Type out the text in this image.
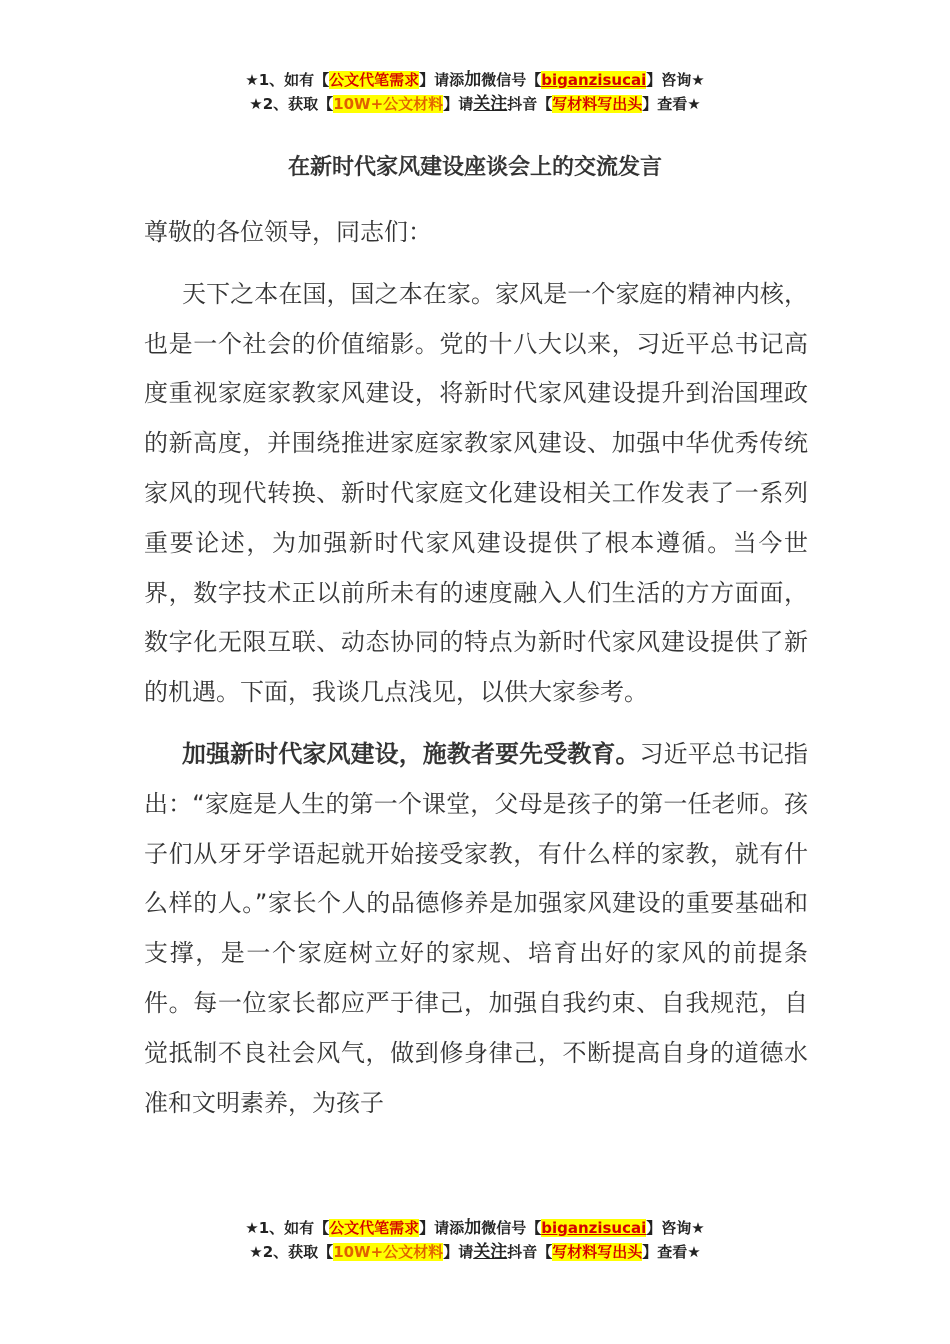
★1、如有【公文代笔需求】请添加微信号【biganzisucai】咨询★
★2、获取【10W+公文材料】请关注抖音【写材料写出头】查看★
在新时代家风建设座谈会上的交流发言

尊敬的各位领导，同志们：

天下之本在国，国之本在家。家风是一个家庭的精神内核，也是一个社会的价值缩影。党的十八大以来，习近平总书记高度重视家庭家教家风建设，将新时代家风建设提升到治国理政的新高度，并围绕推进家庭家教家风建设、加强中华优秀传统家风的现代转换、新时代家庭文化建设相关工作发表了一系列重要论述，为加强新时代家风建设提供了根本遵循。当今世界，数字技术正以前所未有的速度融入人们生活的方方面面，数字化无限互联、动态协同的特点为新时代家风建设提供了新的机遇。下面，我谈几点浅见，以供大家参考。

加强新时代家风建设，施教者要先受教育。习近平总书记指出：“家庭是人生的第一个课堂，父母是孩子的第一任老师。孩子们从牙牙学语起就开始接受家教，有什么样的家教，就有什么样的人。”家长个人的品德修养是加强家风建设的重要基础和支撑，是一个家庭树立好的家规、培育出好的家风的前提条件。每一位家长都应严于律己，加强自我约束、自我规范，自觉抵制不良社会风气，做到修身律己，不断提高自身的道德水准和文明素养，为孩子

★1、如有【公文代笔需求】请添加微信号【biganzisucai】咨询★
★2、获取【10W+公文材料】请关注抖音【写材料写出头】查看★
